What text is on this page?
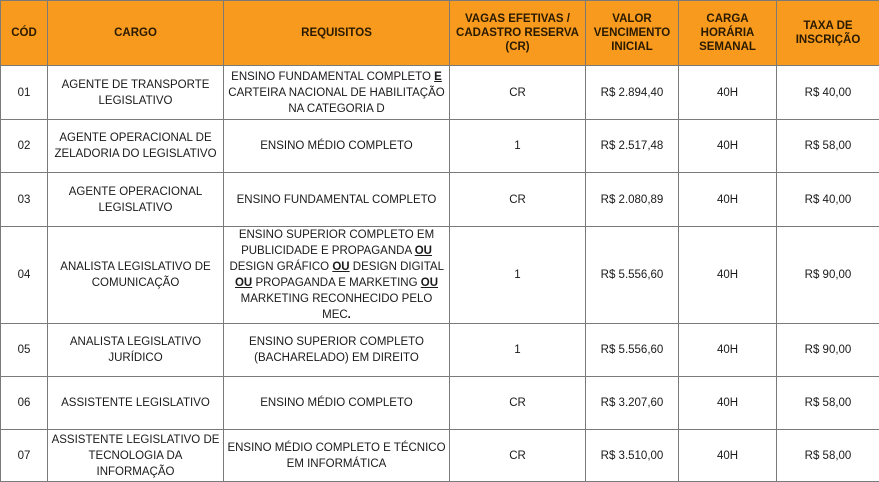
CÓD	CARGO	REQUISITOS	VAGAS EFETIVAS / CADASTRO RESERVA (CR)	VALOR VENCIMENTO INICIAL	CARGA HORÁRIA SEMANAL	TAXA DE INSCRIÇÃO
01	AGENTE DE TRANSPORTE LEGISLATIVO	ENSINO FUNDAMENTAL COMPLETO E CARTEIRA NACIONAL DE HABILITAÇÃO NA CATEGORIA D	CR	R$ 2.894,40	40H	R$ 40,00
02	AGENTE OPERACIONAL DE ZELADORIA DO LEGISLATIVO	ENSINO MÉDIO COMPLETO	1	R$ 2.517,48	40H	R$ 58,00
03	AGENTE OPERACIONAL LEGISLATIVO	ENSINO FUNDAMENTAL COMPLETO	CR	R$ 2.080,89	40H	R$ 40,00
04	ANALISTA LEGISLATIVO DE COMUNICAÇÃO	ENSINO SUPERIOR COMPLETO EM PUBLICIDADE E PROPAGANDA OU DESIGN GRÁFICO OU DESIGN DIGITAL OU PROPAGANDA E MARKETING OU MARKETING RECONHECIDO PELO MEC.	1	R$ 5.556,60	40H	R$ 90,00
05	ANALISTA LEGISLATIVO JURÍDICO	ENSINO SUPERIOR COMPLETO (BACHARELADO) EM DIREITO	1	R$ 5.556,60	40H	R$ 90,00
06	ASSISTENTE LEGISLATIVO	ENSINO MÉDIO COMPLETO	CR	R$ 3.207,60	40H	R$ 58,00
07	ASSISTENTE LEGISLATIVO DE TECNOLOGIA DA INFORMAÇÃO	ENSINO MÉDIO COMPLETO E TÉCNICO EM INFORMÁTICA	CR	R$ 3.510,00	40H	R$ 58,00
